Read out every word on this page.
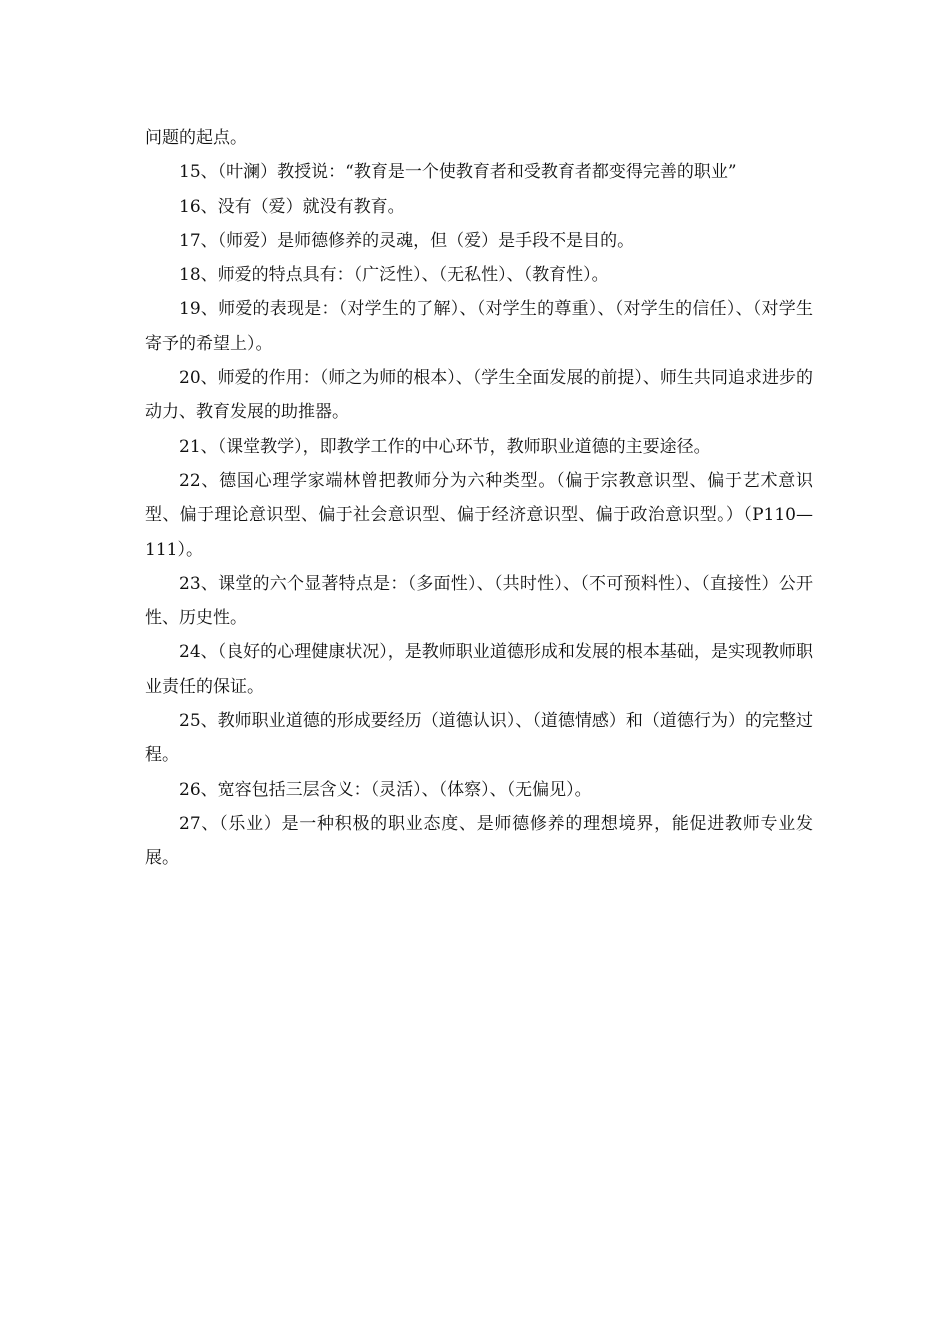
问题的起点。

15、（叶澜）教授说：“教育是一个使教育者和受教育者都变得完善的职业”

16、没有（爱）就没有教育。

17、（师爱）是师德修养的灵魂，但（爱）是手段不是目的。

18、师爱的特点具有：（广泛性）、（无私性）、（教育性）。

19、师爱的表现是：（对学生的了解）、（对学生的尊重）、（对学生的信任）、（对学生寄予的希望上）。

20、师爱的作用：（师之为师的根本）、（学生全面发展的前提）、师生共同追求进步的动力、教育发展的助推器。

21、（课堂教学），即教学工作的中心环节，教师职业道德的主要途径。

22、德国心理学家端林曾把教师分为六种类型。（偏于宗教意识型、偏于艺术意识型、偏于理论意识型、偏于社会意识型、偏于经济意识型、偏于政治意识型。）（P110—111）。

23、课堂的六个显著特点是：（多面性）、（共时性）、（不可预料性）、（直接性）公开性、历史性。

24、（良好的心理健康状况），是教师职业道德形成和发展的根本基础，是实现教师职业责任的保证。

25、教师职业道德的形成要经历（道德认识）、（道德情感）和（道德行为）的完整过程。

26、宽容包括三层含义：（灵活）、（体察）、（无偏见）。

27、（乐业）是一种积极的职业态度、是师德修养的理想境界，能促进教师专业发展。
